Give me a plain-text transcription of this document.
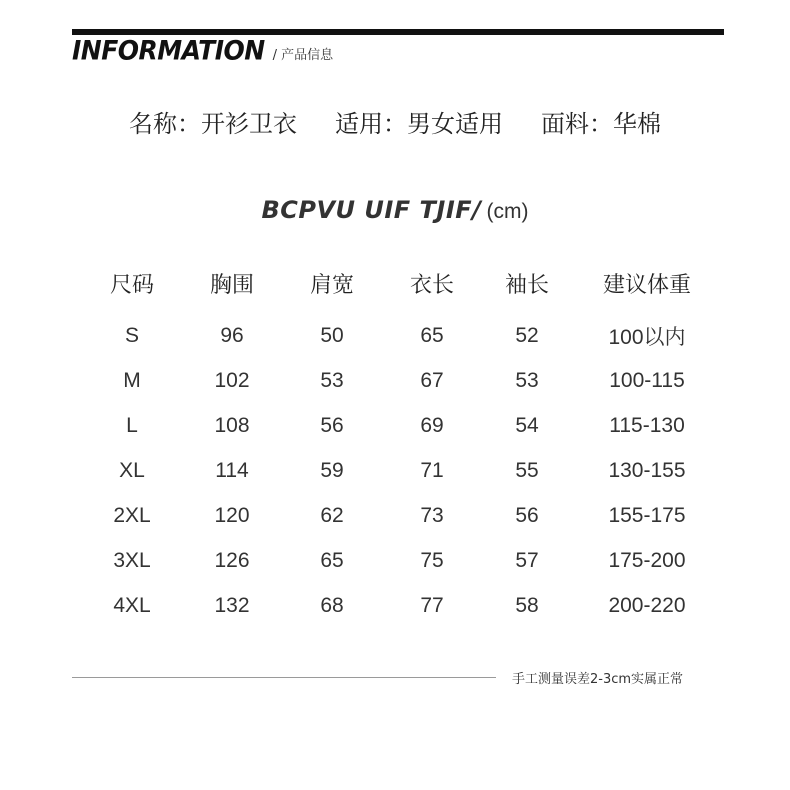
INFORMATION / 产品信息
名称：开衫卫衣 适用：男女适用 面料：华棉
BCPVU UIF TJIF/ (cm)
尺码	胸围	肩宽	衣长	袖长	建议体重
S	96	50	65	52	100以内
M	102	53	67	53	100-115
L	108	56	69	54	115-130
XL	114	59	71	55	130-155
2XL	120	62	73	56	155-175
3XL	126	65	75	57	175-200
4XL	132	68	77	58	200-220
手工测量误差2-3cm实属正常
